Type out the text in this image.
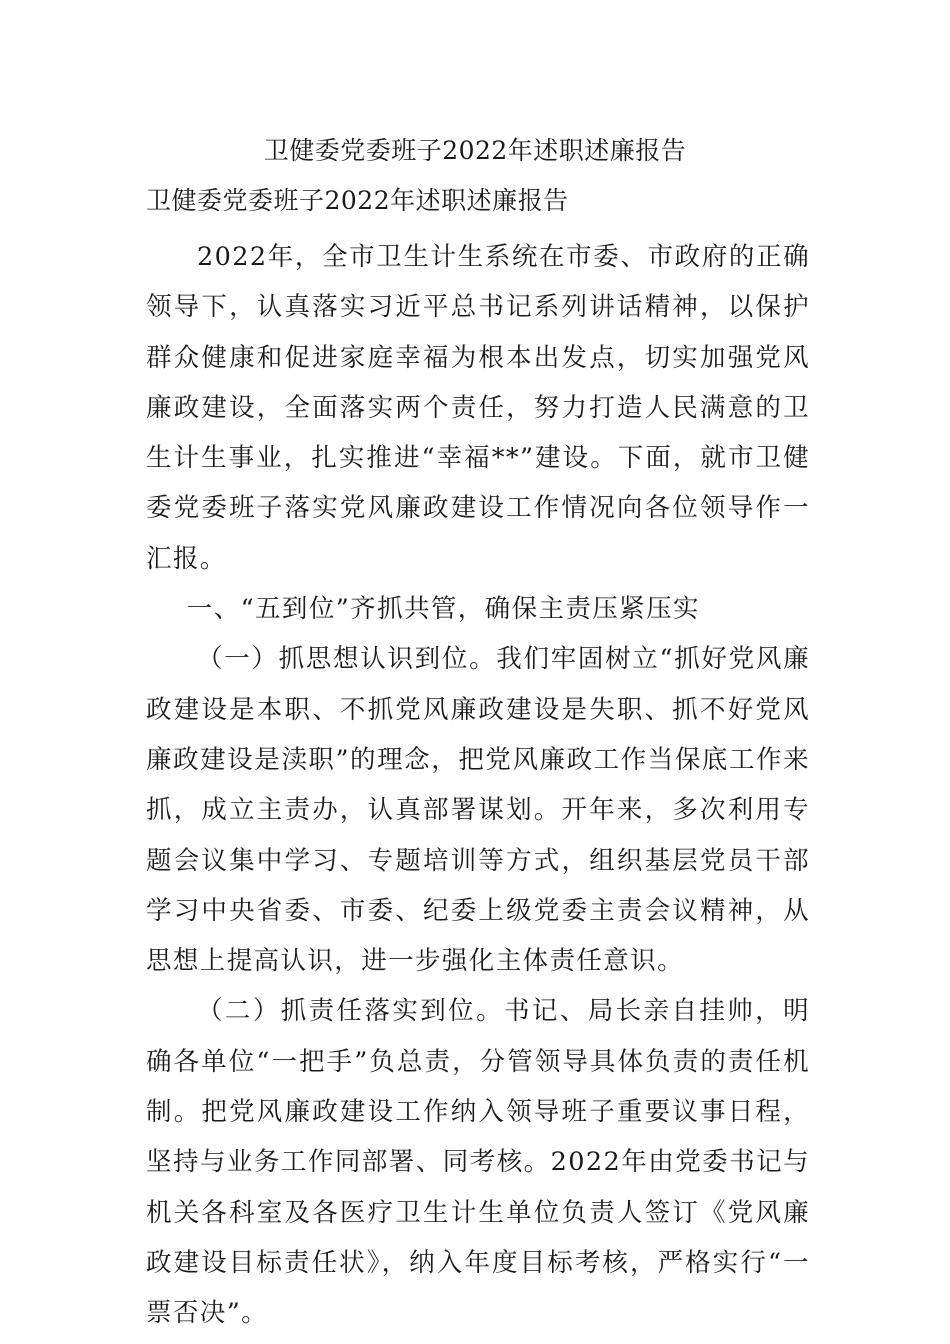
卫健委党委班子2022年述职述廉报告
卫健委党委班子2022年述职述廉报告

2022年，全市卫生计生系统在市委、市政府的正确领导下，认真落实习近平总书记系列讲话精神，以保护群众健康和促进家庭幸福为根本出发点，切实加强党风廉政建设，全面落实两个责任，努力打造人民满意的卫生计生事业，扎实推进“幸福**”建设。下面，就市卫健委党委班子落实党风廉政建设工作情况向各位领导作一汇报。

一、“五到位”齐抓共管，确保主责压紧压实

（一）抓思想认识到位。我们牢固树立“抓好党风廉政建设是本职、不抓党风廉政建设是失职、抓不好党风廉政建设是渎职”的理念，把党风廉政工作当保底工作来抓，成立主责办，认真部署谋划。开年来，多次利用专题会议集中学习、专题培训等方式，组织基层党员干部学习中央省委、市委、纪委上级党委主责会议精神，从思想上提高认识，进一步强化主体责任意识。

（二）抓责任落实到位。书记、局长亲自挂帅，明确各单位“一把手”负总责，分管领导具体负责的责任机制。把党风廉政建设工作纳入领导班子重要议事日程，坚持与业务工作同部署、同考核。2022年由党委书记与机关各科室及各医疗卫生计生单位负责人签订《党风廉政建设目标责任状》，纳入年度目标考核，严格实行“一票否决”。
